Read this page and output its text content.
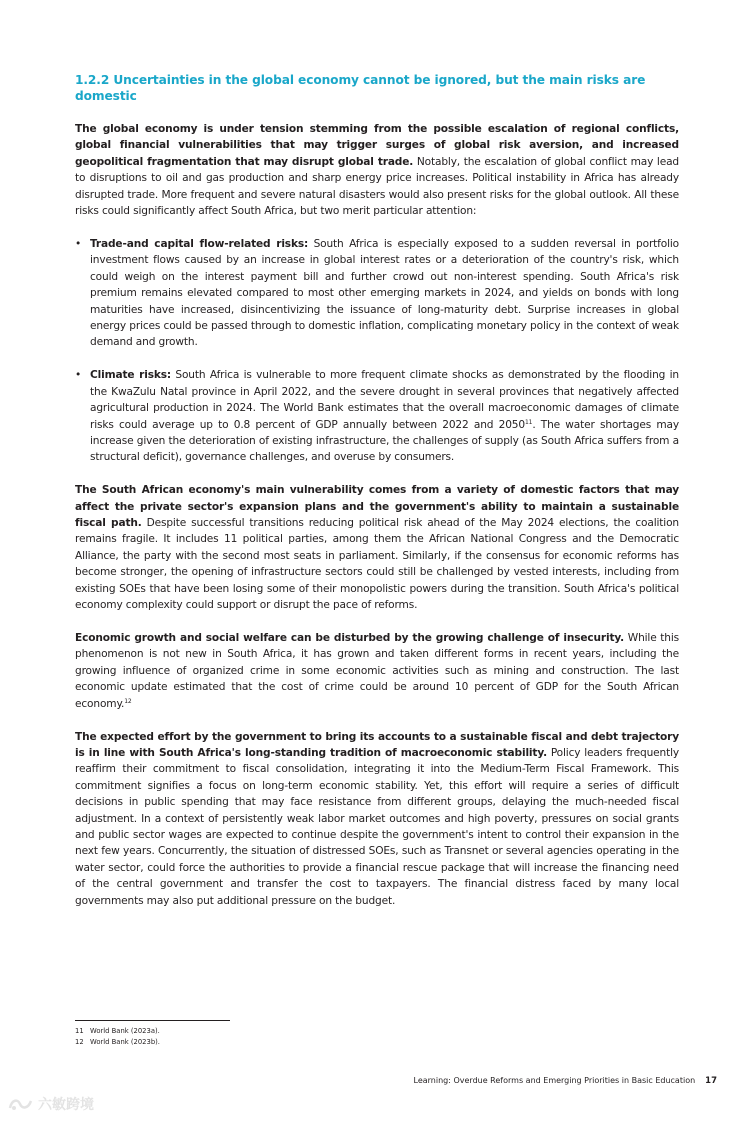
1.2.2 Uncertainties in the global economy cannot be ignored, but the main risks are domestic

The global economy is under tension stemming from the possible escalation of regional conflicts, global financial vulnerabilities that may trigger surges of global risk aversion, and increased geopolitical fragmentation that may disrupt global trade. Notably, the escalation of global conflict may lead to disruptions to oil and gas production and sharp energy price increases. Political instability in Africa has already disrupted trade. More frequent and severe natural disasters would also present risks for the global outlook. All these risks could significantly affect South Africa, but two merit particular attention:

• Trade-and capital flow-related risks: South Africa is especially exposed to a sudden reversal in portfolio investment flows caused by an increase in global interest rates or a deterioration of the country's risk, which could weigh on the interest payment bill and further crowd out non-interest spending. South Africa's risk premium remains elevated compared to most other emerging markets in 2024, and yields on bonds with long maturities have increased, disincentivizing the issuance of long-maturity debt. Surprise increases in global energy prices could be passed through to domestic inflation, complicating monetary policy in the context of weak demand and growth.
• Climate risks: South Africa is vulnerable to more frequent climate shocks as demonstrated by the flooding in the KwaZulu Natal province in April 2022, and the severe drought in several provinces that negatively affected agricultural production in 2024. The World Bank estimates that the overall macroeconomic damages of climate risks could average up to 0.8 percent of GDP annually between 2022 and 2050$^{11}$. The water shortages may increase given the deterioration of existing infrastructure, the challenges of supply (as South Africa suffers from a structural deficit), governance challenges, and overuse by consumers.

The South African economy's main vulnerability comes from a variety of domestic factors that may affect the private sector's expansion plans and the government's ability to maintain a sustainable fiscal path. Despite successful transitions reducing political risk ahead of the May 2024 elections, the coalition remains fragile. It includes 11 political parties, among them the African National Congress and the Democratic Alliance, the party with the second most seats in parliament. Similarly, if the consensus for economic reforms has become stronger, the opening of infrastructure sectors could still be challenged by vested interests, including from existing SOEs that have been losing some of their monopolistic powers during the transition. South Africa's political economy complexity could support or disrupt the pace of reforms.

Economic growth and social welfare can be disturbed by the growing challenge of insecurity. While this phenomenon is not new in South Africa, it has grown and taken different forms in recent years, including the growing influence of organized crime in some economic activities such as mining and construction. The last economic update estimated that the cost of crime could be around 10 percent of GDP for the South African economy.$^{12}$

The expected effort by the government to bring its accounts to a sustainable fiscal and debt trajectory is in line with South Africa's long-standing tradition of macroeconomic stability. Policy leaders frequently reaffirm their commitment to fiscal consolidation, integrating it into the Medium-Term Fiscal Framework. This commitment signifies a focus on long-term economic stability. Yet, this effort will require a series of difficult decisions in public spending that may face resistance from different groups, delaying the much-needed fiscal adjustment. In a context of persistently weak labor market outcomes and high poverty, pressures on social grants and public sector wages are expected to continue despite the government's intent to control their expansion in the next few years. Concurrently, the situation of distressed SOEs, such as Transnet or several agencies operating in the water sector, could force the authorities to provide a financial rescue package that will increase the financing need of the central government and transfer the cost to taxpayers. The financial distress faced by many local governments may also put additional pressure on the budget.

11 World Bank (2023a).
12 World Bank (2023b).
Learning: Overdue Reforms and Emerging Priorities in Basic Education 17
六敏跨境
